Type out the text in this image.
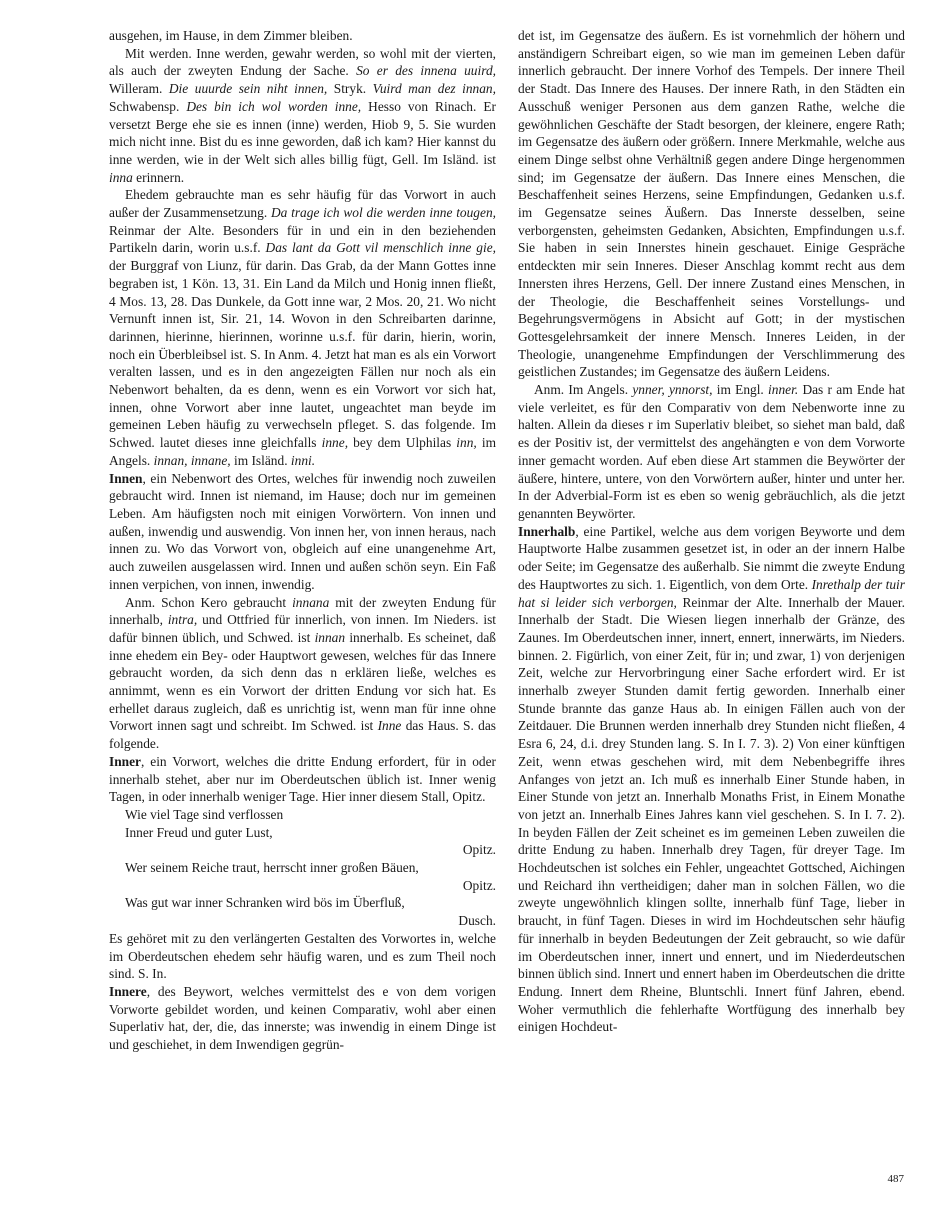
ausgehen, im Hause, in dem Zimmer bleiben.

Mit werden. Inne werden, gewahr werden, so wohl mit der vierten, als auch der zweyten Endung der Sache. So er des innena uuird, Willeram. Die uuurde sein niht innen, Stryk. Vuird man dez innan, Schwabensp. Des bin ich wol worden inne, Hesso von Rinach. Er versetzt Berge ehe sie es innen (inne) werden, Hiob 9, 5. Sie wurden mich nicht inne. Bist du es inne geworden, daß ich kam? Hier kannst du inne werden, wie in der Welt sich alles billig fügt, Gell. Im Isländ. ist inna erinnern.

Ehedem gebrauchte man es sehr häufig für das Vorwort in auch außer der Zusammensetzung. Da trage ich wol die werden inne tougen, Reinmar der Alte. Besonders für in und ein in den beziehenden Partikeln darin, worin u.s.f. Das lant da Gott vil menschlich inne gie, der Burggraf von Liunz, für darin. Das Grab, da der Mann Gottes inne begraben ist, 1 Kön. 13, 31. Ein Land da Milch und Honig innen fließt, 4 Mos. 13, 28. Das Dunkele, da Gott inne war, 2 Mos. 20, 21. Wo nicht Vernunft innen ist, Sir. 21, 14. Wovon in den Schreibarten darinne, darinnen, hierinne, hierinnen, worinne u.s.f. für darin, hierin, worin, noch ein Überbleibsel ist. S. In Anm. 4. Jetzt hat man es als ein Vorwort veralten lassen, und es in den angezeigten Fällen nur noch als ein Nebenwort behalten, da es denn, wenn es ein Vorwort vor sich hat, innen, ohne Vorwort aber inne lautet, ungeachtet man beyde im gemeinen Leben häufig zu verwechseln pfleget. S. das folgende. Im Schwed. lautet dieses inne gleichfalls inne, bey dem Ulphilas inn, im Angels. innan, innane, im Isländ. inni.

Innen, ein Nebenwort des Ortes, welches für inwendig noch zuweilen gebraucht wird. Innen ist niemand, im Hause; doch nur im gemeinen Leben. Am häufigsten noch mit einigen Vorwörtern. Von innen und außen, inwendig und auswendig. Von innen her, von innen heraus, nach innen zu. Wo das Vorwort von, obgleich auf eine unangenehme Art, auch zuweilen ausgelassen wird. Innen und außen schön seyn. Ein Faß innen verpichen, von innen, inwendig.

Anm. Schon Kero gebraucht innana mit der zweyten Endung für innerhalb, intra, und Ottfried für innerlich, von innen. Im Nieders. ist dafür binnen üblich, und Schwed. ist innan innerhalb. Es scheinet, daß inne ehedem ein Bey- oder Hauptwort gewesen, welches für das Innere gebraucht worden, da sich denn das n erklären ließe, welches es annimmt, wenn es ein Vorwort der dritten Endung vor sich hat. Es erhellet daraus zugleich, daß es unrichtig ist, wenn man für inne ohne Vorwort innen sagt und schreibt. Im Schwed. ist Inne das Haus. S. das folgende.

Inner, ein Vorwort, welches die dritte Endung erfordert, für in oder innerhalb stehet, aber nur im Oberdeutschen üblich ist. Inner wenig Tagen, in oder innerhalb weniger Tage. Hier inner diesem Stall, Opitz.

Wie viel Tage sind verflossen

Inner Freud und guter Lust,

Opitz.

Wer seinem Reiche traut, herrscht inner großen Bäuen,

Opitz.

Was gut war inner Schranken wird bös im Überfluß,

Dusch.

Es gehöret mit zu den verlängerten Gestalten des Vorwortes in, welche im Oberdeutschen ehedem sehr häufig waren, und es zum Theil noch sind. S. In.

Innere, des Beywort, welches vermittelst des e von dem vorigen Vorworte gebildet worden, und keinen Comparativ, wohl aber einen Superlativ hat, der, die, das innerste; was inwendig in einem Dinge ist und geschiehet, in dem Inwendigen gegrün-

det ist, im Gegensatze des äußern. Es ist vornehmlich der höhern und anständigern Schreibart eigen, so wie man im gemeinen Leben dafür innerlich gebraucht. Der innere Vorhof des Tempels. Der innere Theil der Stadt. Das Innere des Hauses. Der innere Rath, in den Städten ein Ausschuß weniger Personen aus dem ganzen Rathe, welche die gewöhnlichen Geschäfte der Stadt besorgen, der kleinere, engere Rath; im Gegensatze des äußern oder größern. Innere Merkmahle, welche aus einem Dinge selbst ohne Verhältniß gegen andere Dinge hergenommen sind; im Gegensatze der äußern. Das Innere eines Menschen, die Beschaffenheit seines Herzens, seine Empfindungen, Gedanken u.s.f. im Gegensatze seines Äußern. Das Innerste desselben, seine verborgensten, geheimsten Gedanken, Absichten, Empfindungen u.s.f. Sie haben in sein Innerstes hinein geschauet. Einige Gespräche entdeckten mir sein Inneres. Dieser Anschlag kommt recht aus dem Innersten ihres Herzens, Gell. Der innere Zustand eines Menschen, in der Theologie, die Beschaffenheit seines Vorstellungs- und Begehrungsvermögens in Absicht auf Gott; in der mystischen Gottesgelehrsamkeit der innere Mensch. Inneres Leiden, in der Theologie, unangenehme Empfindungen der Verschlimmerung des geistlichen Zustandes; im Gegensatze des äußern Leidens.

Anm. Im Angels. ynner, ynnorst, im Engl. inner. Das r am Ende hat viele verleitet, es für den Comparativ von dem Nebenworte inne zu halten. Allein da dieses r im Superlativ bleibet, so siehet man bald, daß es der Positiv ist, der vermittelst des angehängten e von dem Vorworte inner gemacht worden. Auf eben diese Art stammen die Beywörter der äußere, hintere, untere, von den Vorwörtern außer, hinter und unter her. In der Adverbial-Form ist es eben so wenig gebräuchlich, als die jetzt genannten Beywörter.

Innerhalb, eine Partikel, welche aus dem vorigen Beyworte und dem Hauptworte Halbe zusammen gesetzet ist, in oder an der innern Halbe oder Seite; im Gegensatze des außerhalb. Sie nimmt die zweyte Endung des Hauptwortes zu sich. 1. Eigentlich, von dem Orte. Inrethalp der tuir hat si leider sich verborgen, Reinmar der Alte. Innerhalb der Mauer. Innerhalb der Stadt. Die Wiesen liegen innerhalb der Gränze, des Zaunes. Im Oberdeutschen inner, innert, ennert, innerwärts, im Nieders. binnen. 2. Figürlich, von einer Zeit, für in; und zwar, 1) von derjenigen Zeit, welche zur Hervorbringung einer Sache erfordert wird. Er ist innerhalb zweyer Stunden damit fertig geworden. Innerhalb einer Stunde brannte das ganze Haus ab. In einigen Fällen auch von der Zeitdauer. Die Brunnen werden innerhalb drey Stunden nicht fließen, 4 Esra 6, 24, d.i. drey Stunden lang. S. In I. 7. 3). 2) Von einer künftigen Zeit, wenn etwas geschehen wird, mit dem Nebenbegriffe ihres Anfanges von jetzt an. Ich muß es innerhalb Einer Stunde haben, in Einer Stunde von jetzt an. Innerhalb Monaths Frist, in Einem Monathe von jetzt an. Innerhalb Eines Jahres kann viel geschehen. S. In I. 7. 2). In beyden Fällen der Zeit scheinet es im gemeinen Leben zuweilen die dritte Endung zu haben. Innerhalb drey Tagen, für dreyer Tage. Im Hochdeutschen ist solches ein Fehler, ungeachtet Gottsched, Aichingen und Reichard ihn vertheidigen; daher man in solchen Fällen, wo die zweyte ungewöhnlich klingen sollte, innerhalb fünf Tage, lieber in braucht, in fünf Tagen. Dieses in wird im Hochdeutschen sehr häufig für innerhalb in beyden Bedeutungen der Zeit gebraucht, so wie dafür im Oberdeutschen inner, innert und ennert, und im Niederdeutschen binnen üblich sind. Innert und ennert haben im Oberdeutschen die dritte Endung. Innert dem Rheine, Bluntschli. Innert fünf Jahren, ebend. Woher vermuthlich die fehlerhafte Wortfügung des innerhalb bey einigen Hochdeut-

487
